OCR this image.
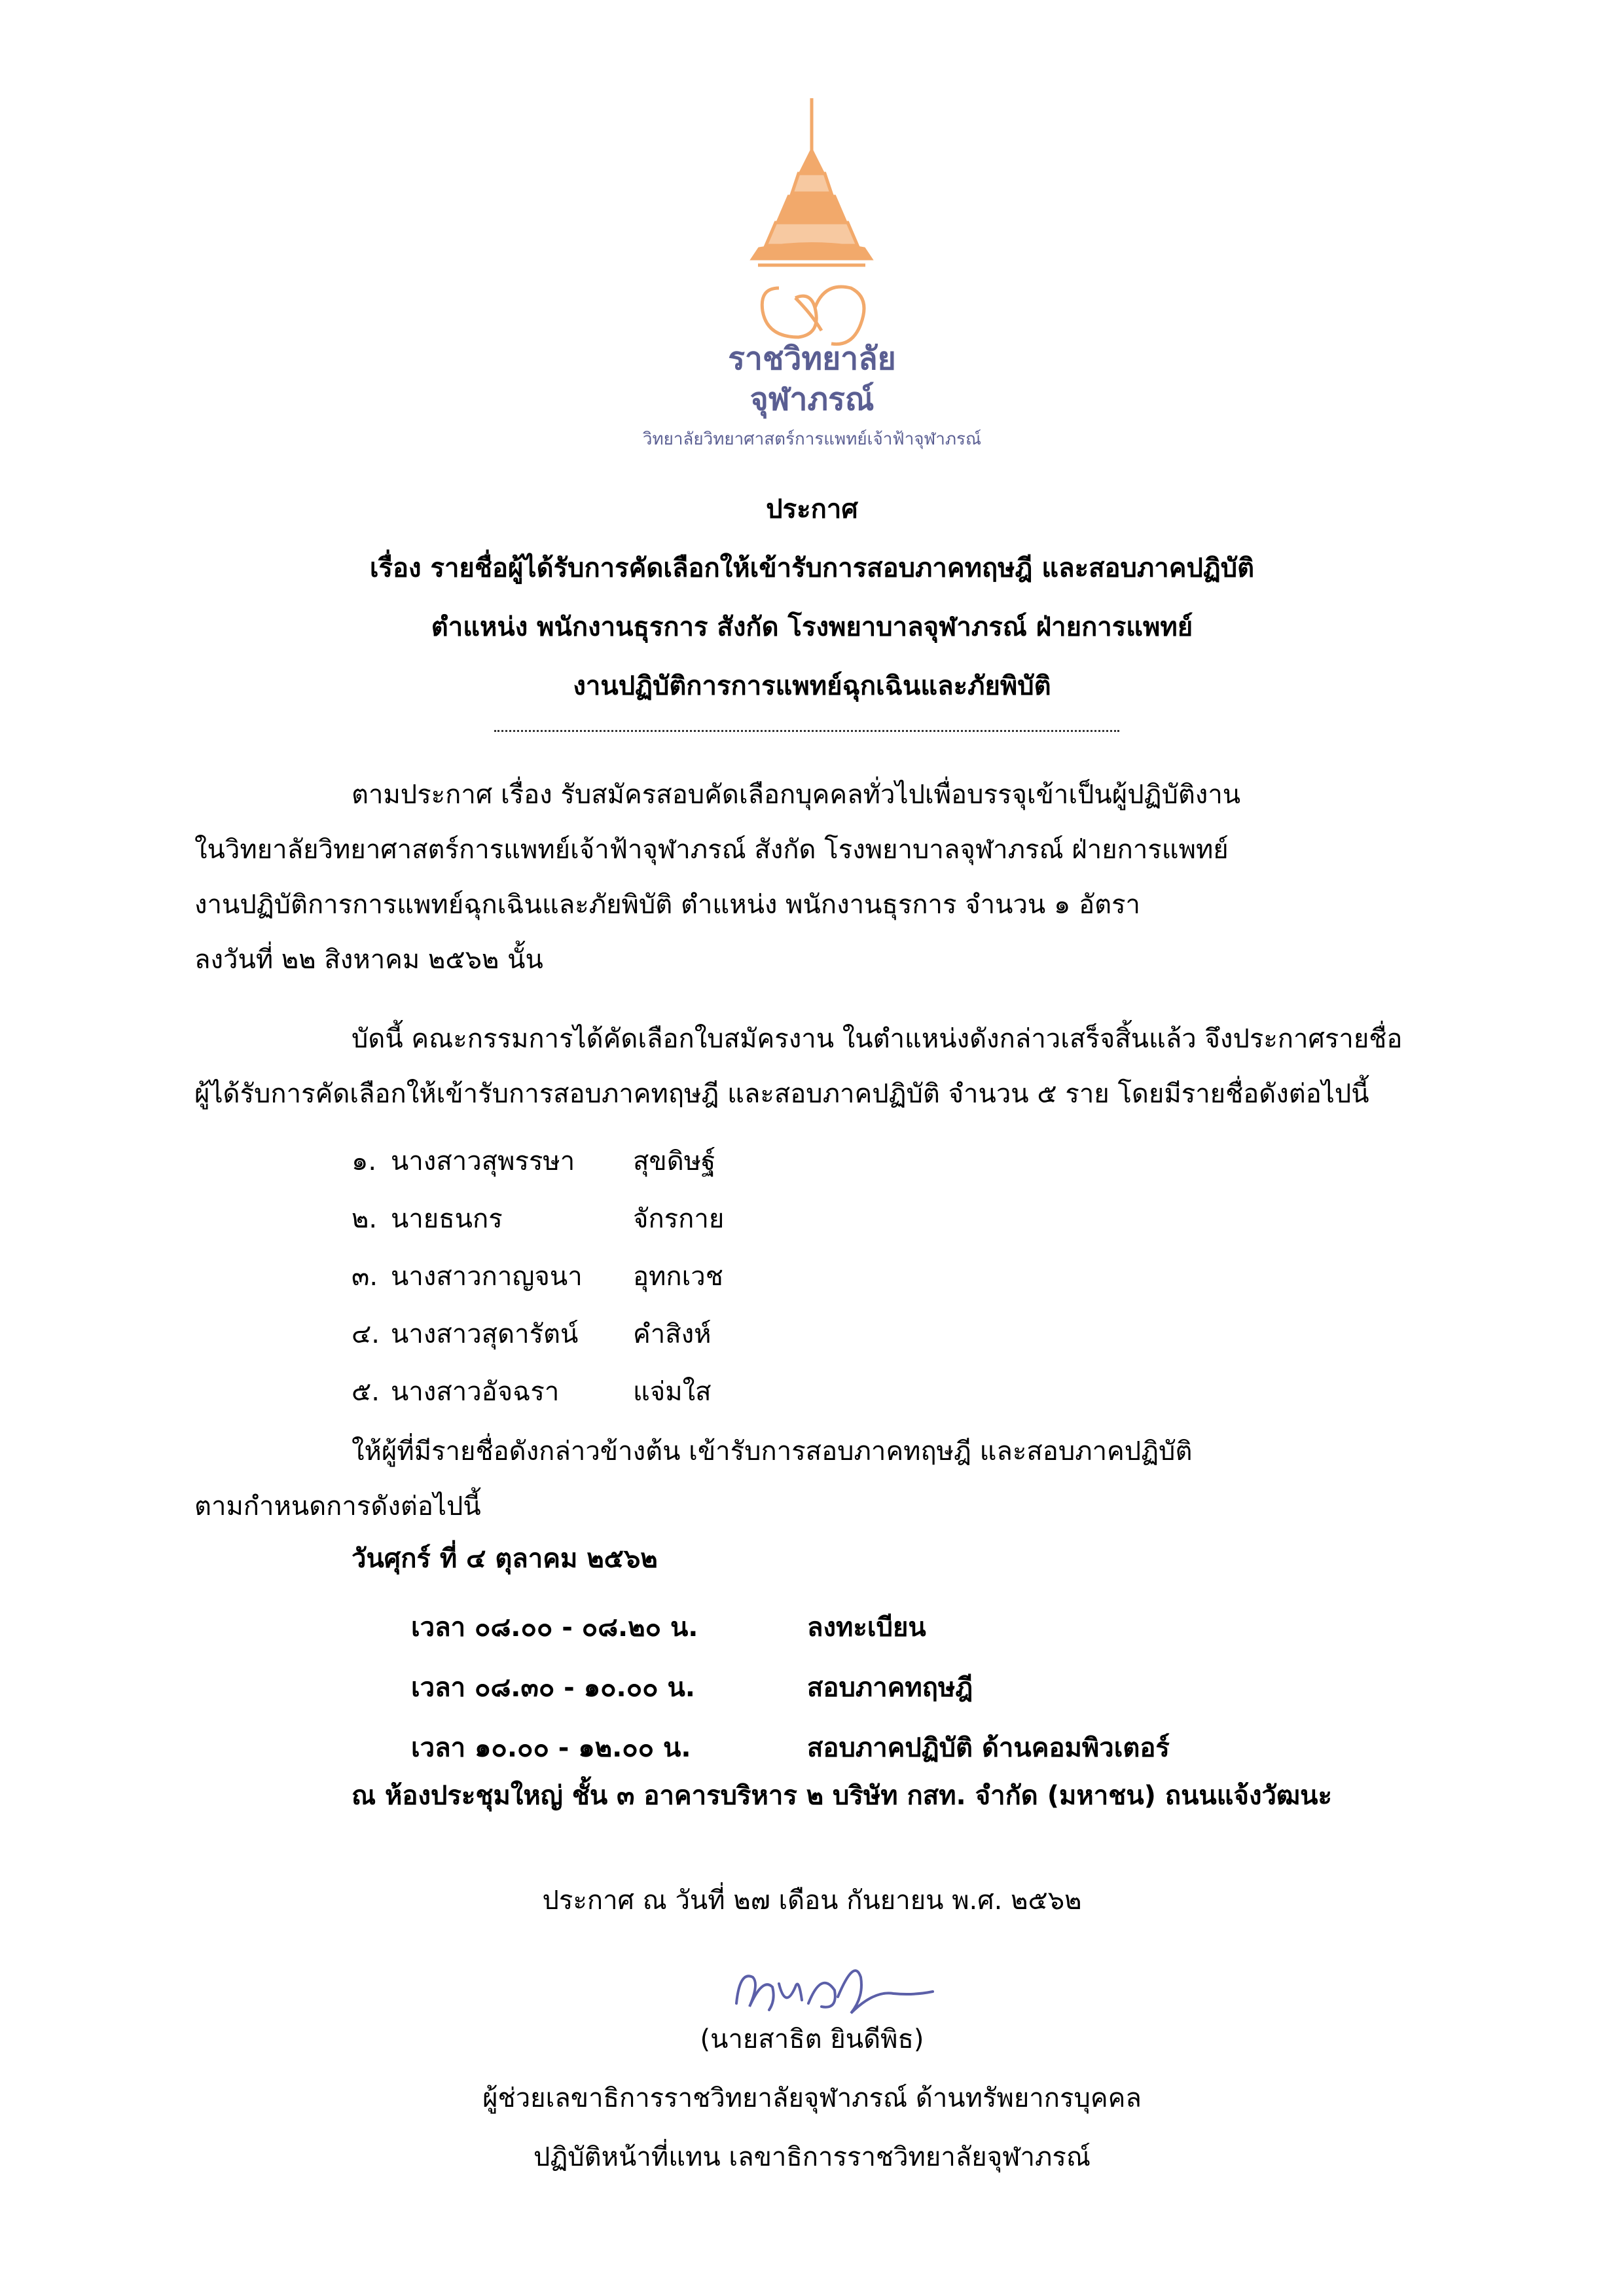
ราชวิทยาลัย
จุฬาภรณ์
วิทยาลัยวิทยาศาสตร์การแพทย์เจ้าฟ้าจุฬาภรณ์
ประกาศ
เรื่อง รายชื่อผู้ได้รับการคัดเลือกให้เข้ารับการสอบภาคทฤษฎี และสอบภาคปฏิบัติ
ตำแหน่ง พนักงานธุรการ สังกัด โรงพยาบาลจุฬาภรณ์ ฝ่ายการแพทย์
งานปฏิบัติการการแพทย์ฉุกเฉินและภัยพิบัติ
ตามประกาศ เรื่อง รับสมัครสอบคัดเลือกบุคคลทั่วไปเพื่อบรรจุเข้าเป็นผู้ปฏิบัติงาน
ในวิทยาลัยวิทยาศาสตร์การแพทย์เจ้าฟ้าจุฬาภรณ์ สังกัด โรงพยาบาลจุฬาภรณ์ ฝ่ายการแพทย์
งานปฏิบัติการการแพทย์ฉุกเฉินและภัยพิบัติ ตำแหน่ง พนักงานธุรการ จำนวน ๑ อัตรา
ลงวันที่ ๒๒ สิงหาคม ๒๕๖๒ นั้น
บัดนี้ คณะกรรมการได้คัดเลือกใบสมัครงาน ในตำแหน่งดังกล่าวเสร็จสิ้นแล้ว จึงประกาศรายชื่อ
ผู้ได้รับการคัดเลือกให้เข้ารับการสอบภาคทฤษฎี และสอบภาคปฏิบัติ จำนวน ๕ ราย โดยมีรายชื่อดังต่อไปนี้
๑. นางสาวสุพรรษา สุขดิษฐ์
๒. นายธนกร	จักรกาย
๓. นางสาวกาญจนา อุทกเวช
๔. นางสาวสุดารัตน์ คำสิงห์
๕. นางสาวอัจฉรา	แจ่มใส
ให้ผู้ที่มีรายชื่อดังกล่าวข้างต้น เข้ารับการสอบภาคทฤษฎี และสอบภาคปฏิบัติ
ตามกำหนดการดังต่อไปนี้
วันศุกร์ ที่ ๔ ตุลาคม ๒๕๖๒
เวลา ๐๘.๐๐ - ๐๘.๒๐ น.	ลงทะเบียน
เวลา ๐๘.๓๐ - ๑๐.๐๐ น.	สอบภาคทฤษฎี
เวลา ๑๐.๐๐ - ๑๒.๐๐ น.	สอบภาคปฏิบัติ ด้านคอมพิวเตอร์
ณ ห้องประชุมใหญ่ ชั้น ๓ อาคารบริหาร ๒ บริษัท กสท. จำกัด (มหาชน) ถนนแจ้งวัฒนะ
ประกาศ ณ วันที่ ๒๗ เดือน กันยายน พ.ศ. ๒๕๖๒
(นายสาธิต ยินดีพิธ)
ผู้ช่วยเลขาธิการราชวิทยาลัยจุฬาภรณ์ ด้านทรัพยากรบุคคล
ปฏิบัติหน้าที่แทน เลขาธิการราชวิทยาลัยจุฬาภรณ์
